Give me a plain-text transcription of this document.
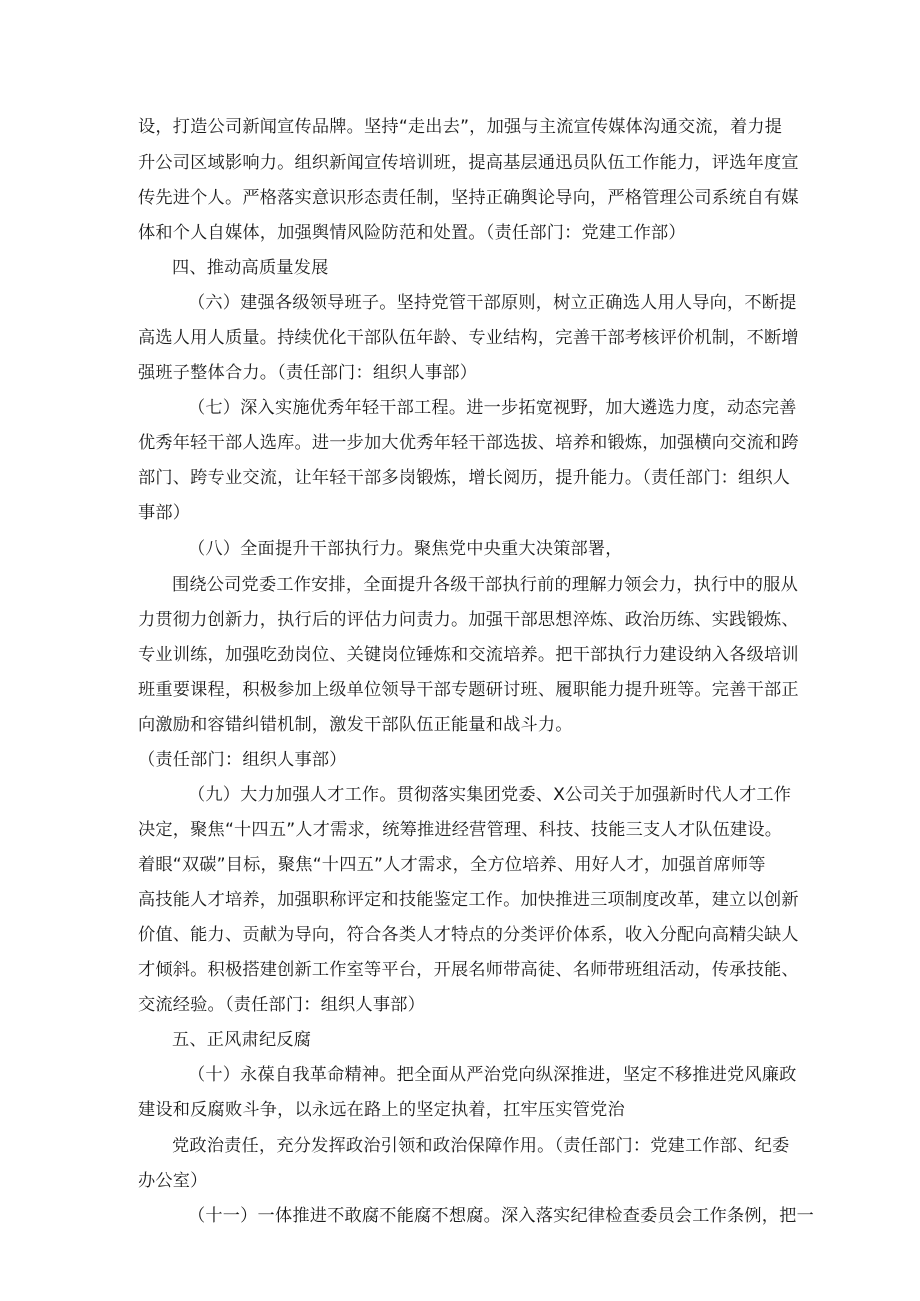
设，打造公司新闻宣传品牌。坚持“走出去”，加强与主流宣传媒体沟通交流，着力提
升公司区域影响力。组织新闻宣传培训班，提高基层通迅员队伍工作能力，评选年度宣
传先进个人。严格落实意识形态责任制，坚持正确舆论导向，严格管理公司系统自有媒
体和个人自媒体，加强舆情风险防范和处置。（责任部门：党建工作部）
四、推动高质量发展
（六）建强各级领导班子。坚持党管干部原则，树立正确选人用人导向，不断提
高选人用人质量。持续优化干部队伍年龄、专业结构，完善干部考核评价机制，不断增
强班子整体合力。（责任部门：组织人事部）
（七）深入实施优秀年轻干部工程。进一步拓宽视野，加大遴选力度，动态完善
优秀年轻干部人选库。进一步加大优秀年轻干部选拔、培养和锻炼，加强横向交流和跨
部门、跨专业交流，让年轻干部多岗锻炼，增长阅历，提升能力。（责任部门：组织人
事部）
（八）全面提升干部执行力。聚焦党中央重大决策部署，
围绕公司党委工作安排，全面提升各级干部执行前的理解力领会力，执行中的服从
力贯彻力创新力，执行后的评估力问责力。加强干部思想淬炼、政治历练、实践锻炼、
专业训练，加强吃劲岗位、关键岗位锤炼和交流培养。把干部执行力建设纳入各级培训
班重要课程，积极参加上级单位领导干部专题研讨班、履职能力提升班等。完善干部正
向激励和容错纠错机制，激发干部队伍正能量和战斗力。
（责任部门：组织人事部）
（九）大力加强人才工作。贯彻落实集团党委、X公司关于加强新时代人才工作
决定，聚焦“十四五”人才需求，统筹推进经营管理、科技、技能三支人才队伍建设。
着眼“双碳”目标，聚焦“十四五”人才需求，全方位培养、用好人才，加强首席师等
高技能人才培养，加强职称评定和技能鉴定工作。加快推进三项制度改革，建立以创新
价值、能力、贡献为导向，符合各类人才特点的分类评价体系，收入分配向高精尖缺人
才倾斜。积极搭建创新工作室等平台，开展名师带高徒、名师带班组活动，传承技能、
交流经验。（责任部门：组织人事部）
五、正风肃纪反腐
（十）永葆自我革命精神。把全面从严治党向纵深推进，坚定不移推进党风廉政
建设和反腐败斗争，以永远在路上的坚定执着，扛牢压实管党治
党政治责任，充分发挥政治引领和政治保障作用。（责任部门：党建工作部、纪委
办公室）
（十一）一体推进不敢腐不能腐不想腐。深入落实纪律检查委员会工作条例，把一
